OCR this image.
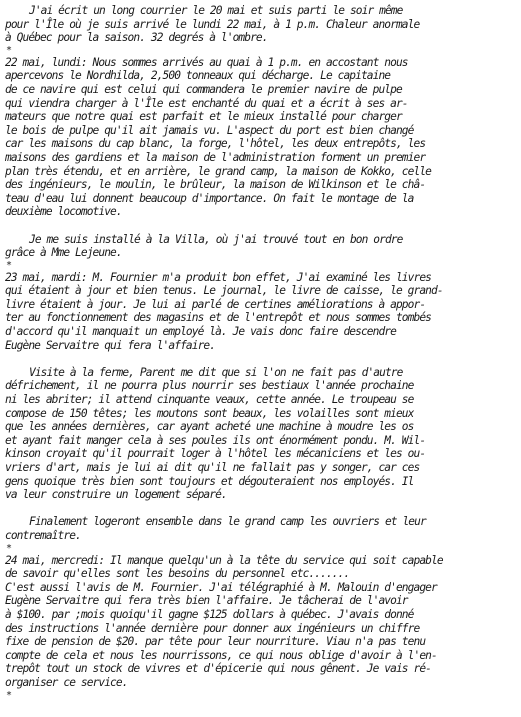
J'ai écrit un long courrier le 20 mai et suis parti le soir même
pour l'Île où je suis arrivé le lundi 22 mai, à 1 p.m. Chaleur anormale
à Québec pour la saison. 32 degrés à l'ombre.
*
22 mai, lundi: Nous sommes arrivés au quai à 1 p.m. en accostant nous
apercevons le Nordhilda, 2,500 tonneaux qui décharge. Le capitaine
de ce navire qui est celui qui commandera le premier navire de pulpe
qui viendra charger à l'Île est enchanté du quai et a écrit à ses ar-
mateurs que notre quai est parfait et le mieux installé pour charger
le bois de pulpe qu'il ait jamais vu. L'aspect du port est bien changé
car les maisons du cap blanc, la forge, l'hôtel, les deux entrepôts, les
maisons des gardiens et la maison de l'administration forment un premier
plan très étendu, et en arrière, le grand camp, la maison de Kokko, celle
des ingénieurs, le moulin, le brûleur, la maison de Wilkinson et le châ-
teau d'eau lui donnent beaucoup d'importance. On fait le montage de la
deuxième locomotive.
Je me suis installé à la Villa, où j'ai trouvé tout en bon ordre
grâce à Mme Lejeune.
*
23 mai, mardi: M. Fournier m'a produit bon effet, J'ai examiné les livres
qui étaient à jour et bien tenus. Le journal, le livre de caisse, le grand-
livre étaient à jour. Je lui ai parlé de certines améliorations à appor-
ter au fonctionnement des magasins et de l'entrepôt et nous sommes tombés
d'accord qu'il manquait un employé là. Je vais donc faire descendre
Eugène Servaitre qui fera l'affaire.
Visite à la ferme, Parent me dit que si l'on ne fait pas d'autre
défrichement, il ne pourra plus nourrir ses bestiaux l'année prochaine
ni les abriter; il attend cinquante veaux, cette année. Le troupeau se
compose de 150 têtes; les moutons sont beaux, les volailles sont mieux
que les années dernières, car ayant acheté une machine à moudre les os
et ayant fait manger cela à ses poules ils ont énormément pondu. M. Wil-
kinson croyait qu'il pourrait loger à l'hôtel les mécaniciens et les ou-
vriers d'art, mais je lui ai dit qu'il ne fallait pas y songer, car ces
gens quoique très bien sont toujours et dégouteraient nos employés. Il
va leur construire un logement séparé.
Finalement logeront ensemble dans le grand camp les ouvriers et leur
contremaître.
*
24 mai, mercredi: Il manque quelqu'un à la tête du service qui soit capable
de savoir qu'elles sont les besoins du personnel etc.......
C'est aussi l'avis de M. Fournier. J'ai télégraphié à M. Malouin d'engager
Eugène Servaitre qui fera très bien l'affaire. Je tâcherai de l'avoir
à $100. par ;mois quoiqu'il gagne $125 dollars à québec. J'avais donné
des instructions l'année dernière pour donner aux ingénieurs un chiffre
fixe de pension de $20. par tête pour leur nourriture. Viau n'a pas tenu
compte de cela et nous les nourrissons, ce qui nous oblige d'avoir à l'en-
trepôt tout un stock de vivres et d'épicerie qui nous gênent. Je vais ré-
organiser ce service.
*
